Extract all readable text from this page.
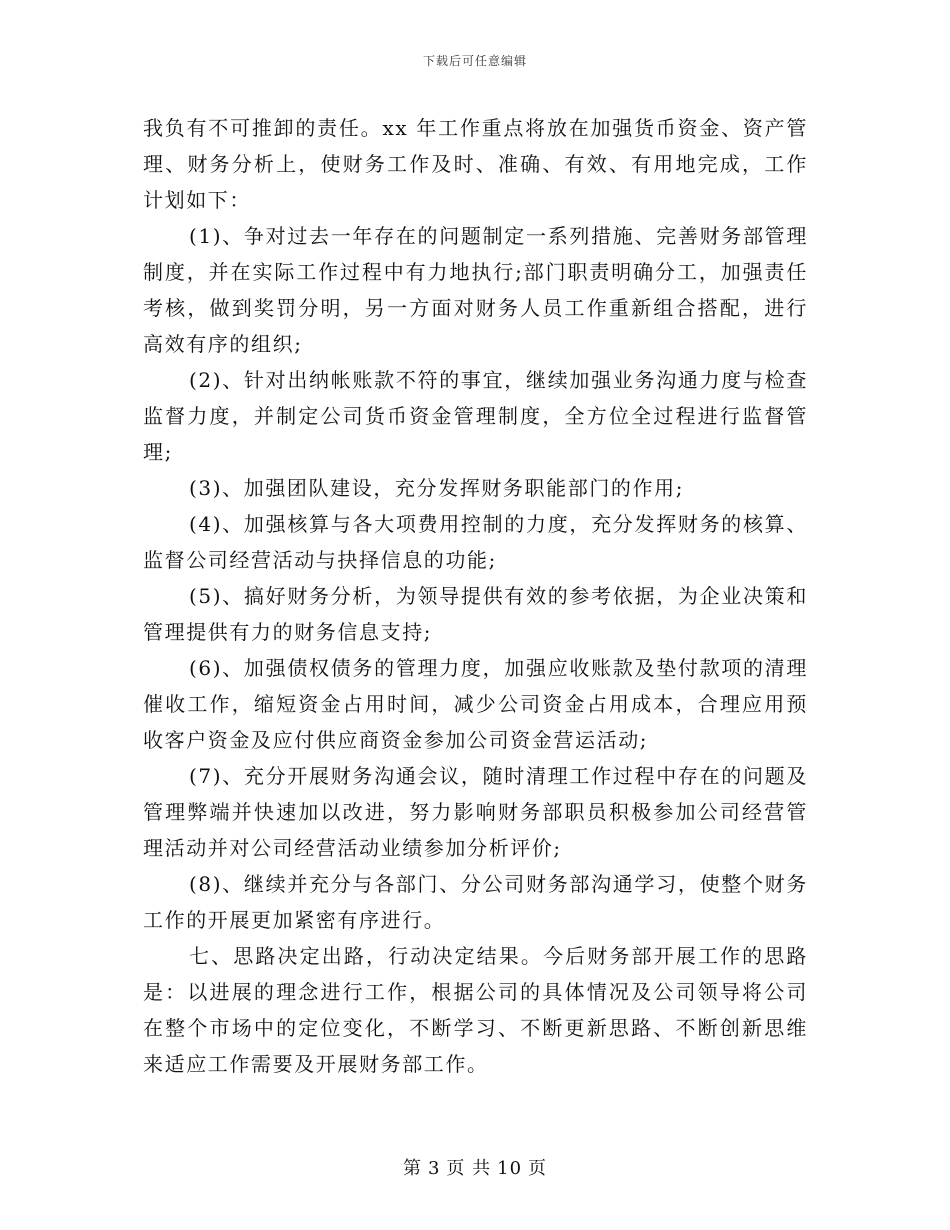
下载后可任意编辑

我负有不可推卸的责任。xx 年工作重点将放在加强货币资金、资产管理、财务分析上，使财务工作及时、准确、有效、有用地完成，工作计划如下：

(1)、争对过去一年存在的问题制定一系列措施、完善财务部管理制度，并在实际工作过程中有力地执行;部门职责明确分工，加强责任考核，做到奖罚分明，另一方面对财务人员工作重新组合搭配，进行高效有序的组织;

(2)、针对出纳帐账款不符的事宜，继续加强业务沟通力度与检查监督力度，并制定公司货币资金管理制度，全方位全过程进行监督管理;

(3)、加强团队建设，充分发挥财务职能部门的作用;

(4)、加强核算与各大项费用控制的力度，充分发挥财务的核算、监督公司经营活动与抉择信息的功能;

(5)、搞好财务分析，为领导提供有效的参考依据，为企业决策和管理提供有力的财务信息支持;

(6)、加强债权债务的管理力度，加强应收账款及垫付款项的清理催收工作，缩短资金占用时间，减少公司资金占用成本，合理应用预收客户资金及应付供应商资金参加公司资金营运活动;

(7)、充分开展财务沟通会议，随时清理工作过程中存在的问题及管理弊端并快速加以改进，努力影响财务部职员积极参加公司经营管理活动并对公司经营活动业绩参加分析评价;

(8)、继续并充分与各部门、分公司财务部沟通学习，使整个财务工作的开展更加紧密有序进行。

七、思路决定出路，行动决定结果。今后财务部开展工作的思路是：以进展的理念进行工作，根据公司的具体情况及公司领导将公司在整个市场中的定位变化，不断学习、不断更新思路、不断创新思维来适应工作需要及开展财务部工作。

第 3 页 共 10 页
